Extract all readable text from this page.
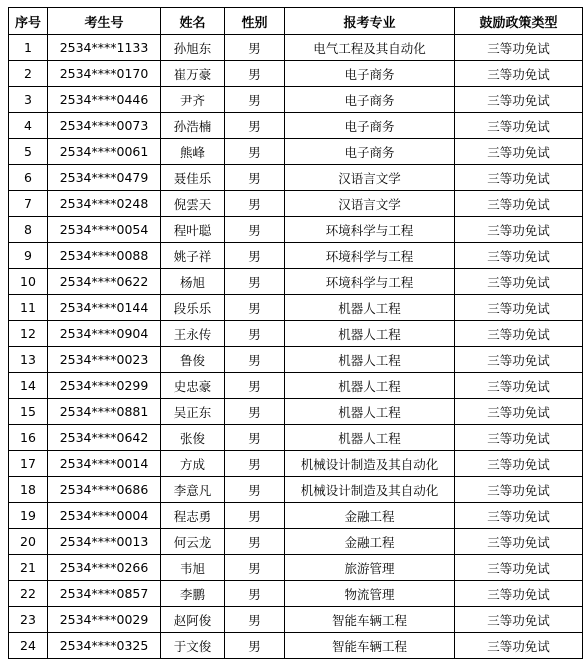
序号	考生号	姓名	性别	报考专业	鼓励政策类型
1	2534****1133	孙旭东	男	电气工程及其自动化	三等功免试
2	2534****0170	崔万豪	男	电子商务	三等功免试
3	2534****0446	尹齐	男	电子商务	三等功免试
4	2534****0073	孙浩楠	男	电子商务	三等功免试
5	2534****0061	熊峰	男	电子商务	三等功免试
6	2534****0479	聂佳乐	男	汉语言文学	三等功免试
7	2534****0248	倪雲天	男	汉语言文学	三等功免试
8	2534****0054	程叶聪	男	环境科学与工程	三等功免试
9	2534****0088	姚子祥	男	环境科学与工程	三等功免试
10	2534****0622	杨旭	男	环境科学与工程	三等功免试
11	2534****0144	段乐乐	男	机器人工程	三等功免试
12	2534****0904	王永传	男	机器人工程	三等功免试
13	2534****0023	鲁俊	男	机器人工程	三等功免试
14	2534****0299	史忠豪	男	机器人工程	三等功免试
15	2534****0881	吴正东	男	机器人工程	三等功免试
16	2534****0642	张俊	男	机器人工程	三等功免试
17	2534****0014	方成	男	机械设计制造及其自动化	三等功免试
18	2534****0686	李意凡	男	机械设计制造及其自动化	三等功免试
19	2534****0004	程志勇	男	金融工程	三等功免试
20	2534****0013	何云龙	男	金融工程	三等功免试
21	2534****0266	韦旭	男	旅游管理	三等功免试
22	2534****0857	李鹏	男	物流管理	三等功免试
23	2534****0029	赵阿俊	男	智能车辆工程	三等功免试
24	2534****0325	于文俊	男	智能车辆工程	三等功免试
